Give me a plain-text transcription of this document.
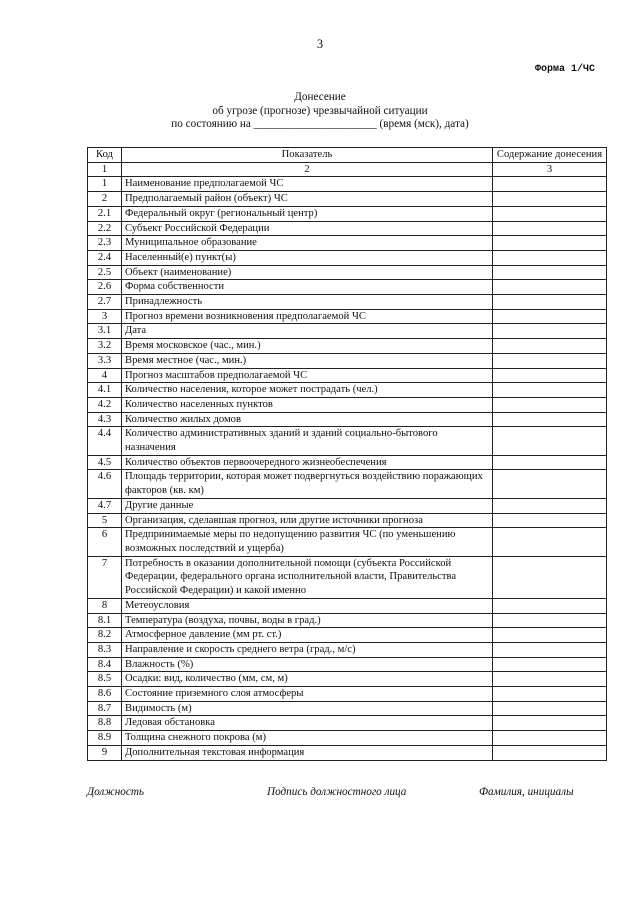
3
Форма 1/ЧС
Донесение
об угрозе (прогнозе) чрезвычайной ситуации
по состоянию на ______________________ (время (мск), дата)
Код	Показатель	Содержание донесения
1	2	3
1	Наименование предполагаемой ЧС	
2	Предполагаемый район (объект) ЧС	
2.1	Федеральный округ (региональный центр)	
2.2	Субъект Российской Федерации	
2.3	Муниципальное образование	
2.4	Населенный(е) пункт(ы)	
2.5	Объект (наименование)	
2.6	Форма собственности	
2.7	Принадлежность	
3	Прогноз времени возникновения предполагаемой ЧС	
3.1	Дата	
3.2	Время московское (час., мин.)	
3.3	Время местное (час., мин.)	
4	Прогноз масштабов предполагаемой ЧС	
4.1	Количество населения, которое может пострадать (чел.)	
4.2	Количество населенных пунктов	
4.3	Количество жилых домов	
4.4	Количество административных зданий и зданий социально-бытового назначения	
4.5	Количество объектов первоочередного жизнеобеспечения	
4.6	Площадь территории, которая может подвергнуться воздействию поражающих факторов (кв. км)	
4.7	Другие данные	
5	Организация, сделавшая прогноз, или другие источники прогноза	
6	Предпринимаемые меры по недопущению развития ЧС (по уменьшению возможных последствий и ущерба)	
7	Потребность в оказании дополнительной помощи (субъекта Российской Федерации, федерального органа исполнительной власти, Правительства Российской Федерации) и какой именно	
8	Метеоусловия	
8.1	Температура (воздуха, почвы, воды в град.)	
8.2	Атмосферное давление (мм рт. ст.)	
8.3	Направление и скорость среднего ветра (град., м/с)	
8.4	Влажность (%)	
8.5	Осадки: вид, количество (мм, см, м)	
8.6	Состояние приземного слоя атмосферы	
8.7	Видимость (м)	
8.8	Ледовая обстановка	
8.9	Толщина снежного покрова (м)	
9	Дополнительная текстовая информация	
Должность	Подпись должностного лица	Фамилия, инициалы
